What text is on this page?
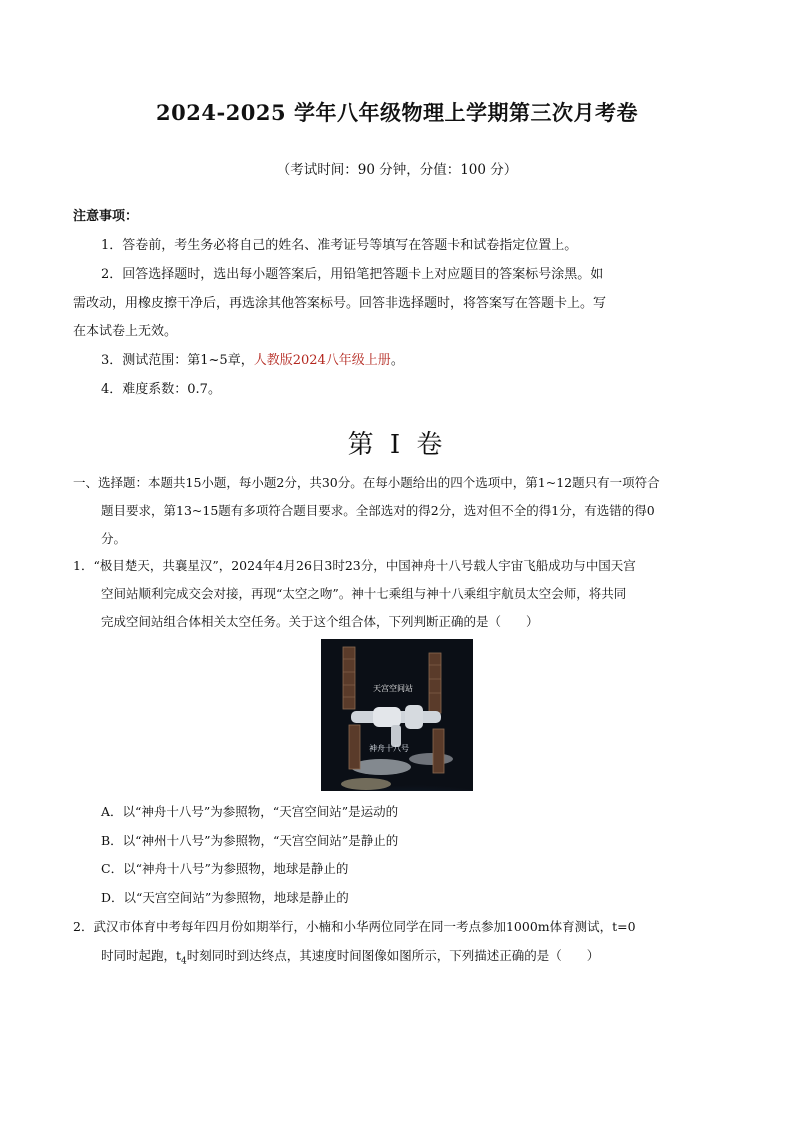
2024-2025 学年八年级物理上学期第三次月考卷
（考试时间：90 分钟，分值：100 分）
注意事项：
1．答卷前，考生务必将自己的姓名、准考证号等填写在答题卡和试卷指定位置上。
2．回答选择题时，选出每小题答案后，用铅笔把答题卡上对应题目的答案标号涂黑。如
需改动，用橡皮擦干净后，再选涂其他答案标号。回答非选择题时，将答案写在答题卡上。写
在本试卷上无效。
3．测试范围：第1~5章，人教版2024八年级上册。
4．难度系数：0.7。
第 I 卷
一、选择题：本题共15小题，每小题2分，共30分。在每小题给出的四个选项中，第1~12题只有一项符合
题目要求，第13~15题有多项符合题目要求。全部选对的得2分，选对但不全的得1分，有选错的得0
分。
1．“极目楚天，共襄星汉”，2024年4月26日3时23分，中国神舟十八号载人宇宙飞船成功与中国天宫
空间站顺利完成交会对接，再现“太空之吻”。神十七乘组与神十八乘组宇航员太空会师，将共同
完成空间站组合体相关太空任务。关于这个组合体，下列判断正确的是（　　）
天宫空间站
神舟十八号
A．以“神舟十八号”为参照物，“天宫空间站”是运动的
B．以“神州十八号”为参照物，“天宫空间站”是静止的
C．以“神舟十八号”为参照物，地球是静止的
D．以“天宫空间站”为参照物，地球是静止的
2．武汉市体育中考每年四月份如期举行，小楠和小华两位同学在同一考点参加1000m体育测试，t=0
时同时起跑，$t_4$时刻同时到达终点，其速度时间图像如图所示，下列描述正确的是（　　）
